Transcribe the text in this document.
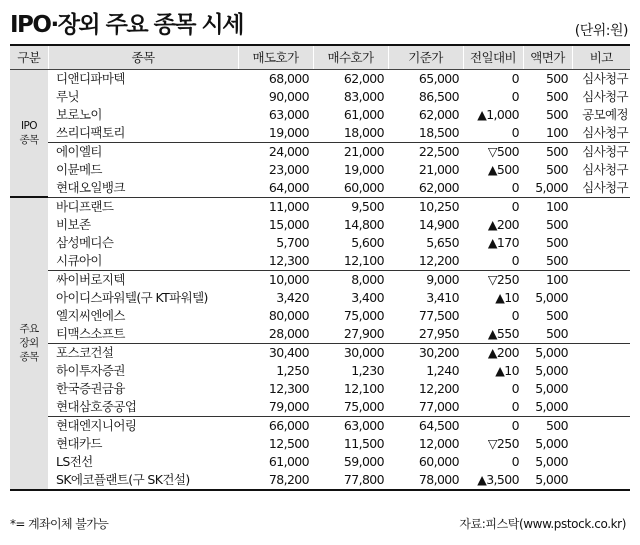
IPO·장외 주요 종목 시세	(단위:원)
구분	종목	매도호가	매수호가	기준가	전일대비	액면가	비고

IPO
종목	디앤디파마텍	68,000	62,000	65,000	0	500	심사청구
	루닛	90,000	83,000	86,500	0	500	심사청구
	보로노이	63,000	61,000	62,000	▲1,000	500	공모예정
	쓰리디팩토리	19,000	18,000	18,500	0	100	심사청구
	에이엘티	24,000	21,000	22,500	▽500	500	심사청구
	이뮨메드	23,000	19,000	21,000	▲500	500	심사청구
	현대오일뱅크	64,000	60,000	62,000	0	5,000	심사청구

주요
장외
종목	바디프랜드	11,000	9,500	10,250	0	100	
	비보존	15,000	14,800	14,900	▲200	500	
	삼성메디슨	5,700	5,600	5,650	▲170	500	
	시큐아이	12,300	12,100	12,200	0	500	
	싸이버로지텍	10,000	8,000	9,000	▽250	100	
	아이디스파워텔(구 KT파워텔)	3,420	3,400	3,410	▲10	5,000	
	엘지씨엔에스	80,000	75,000	77,500	0	500	
	티맥스소프트	28,000	27,900	27,950	▲550	500	
	포스코건설	30,400	30,000	30,200	▲200	5,000	
	하이투자증권	1,250	1,230	1,240	▲10	5,000	
	한국증권금융	12,300	12,100	12,200	0	5,000	
	현대삼호중공업	79,000	75,000	77,000	0	5,000	
	현대엔지니어링	66,000	63,000	64,500	0	500	
	현대카드	12,500	11,500	12,000	▽250	5,000	
	LS전선	61,000	59,000	60,000	0	5,000	
	SK에코플랜트(구 SK건설)	78,200	77,800	78,000	▲3,500	5,000	
*= 계좌이체 불가능	자료:피스탁(www.pstock.co.kr)
